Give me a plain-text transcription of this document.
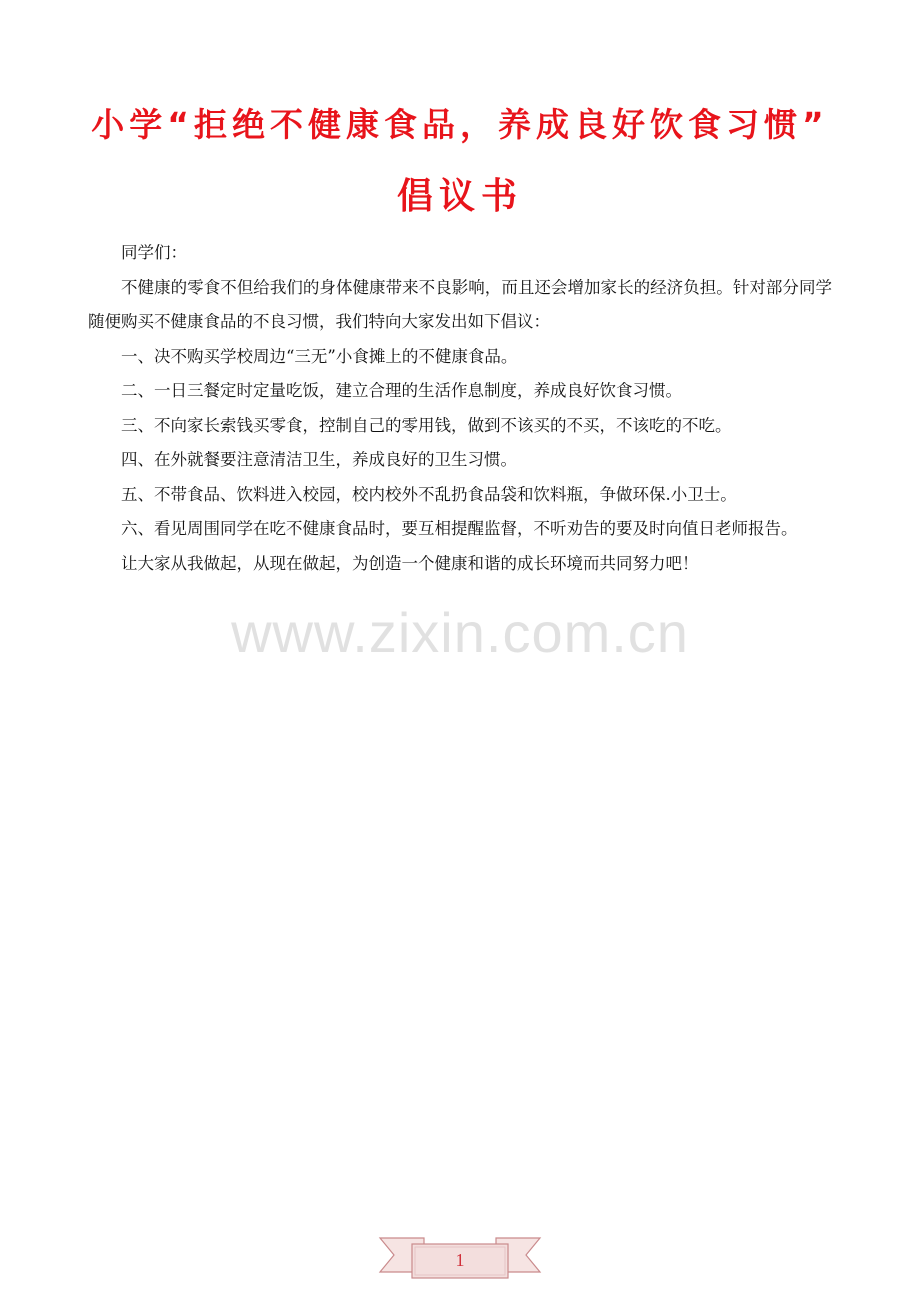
小学“拒绝不健康食品，养成良好饮食习惯”
倡议书

同学们：

不健康的零食不但给我们的身体健康带来不良影响，而且还会增加家长的经济负担。针对部分同学随便购买不健康食品的不良习惯，我们特向大家发出如下倡议：

一、决不购买学校周边“三无”小食摊上的不健康食品。

二、一日三餐定时定量吃饭，建立合理的生活作息制度，养成良好饮食习惯。

三、不向家长索钱买零食，控制自己的零用钱，做到不该买的不买，不该吃的不吃。

四、在外就餐要注意清洁卫生，养成良好的卫生习惯。

五、不带食品、饮料进入校园，校内校外不乱扔食品袋和饮料瓶，争做环保.小卫士。

六、看见周围同学在吃不健康食品时，要互相提醒监督，不听劝告的要及时向值日老师报告。

让大家从我做起，从现在做起，为创造一个健康和谐的成长环境而共同努力吧！

www.zixin.com.cn
1
